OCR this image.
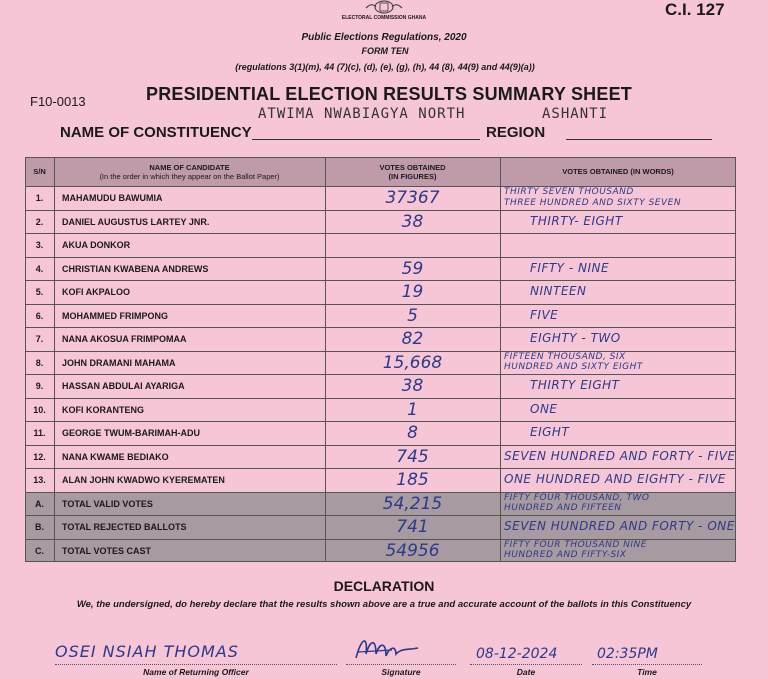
ELECTORAL COMMISSION GHANA	C.I. 127
Public Elections Regulations, 2020
FORM TEN
(regulations 3(1)(m), 44 (7)(c), (d), (e), (g), (h), 44 (8), 44(9) and 44(9)(a))
F10-0013	PRESIDENTIAL ELECTION RESULTS SUMMARY SHEET
ATWIMA NWABIAGYA NORTH	ASHANTI
NAME OF CONSTITUENCY	REGION
S/N	NAME OF CANDIDATE
(In the order in which they appear on the Ballot Paper)
VOTES OBTAINED
(IN FIGURES)
VOTES OBTAINED (IN WORDS)
1.	MAHAMUDU BAWUMIA	37367	THIRTY SEVEN THOUSAND
THREE HUNDRED AND SIXTY SEVEN
2.	DANIEL AUGUSTUS LARTEY JNR.	38	THIRTY- EIGHT
3.	AKUA DONKOR
4.	CHRISTIAN KWABENA ANDREWS	59	FIFTY - NINE
5.	KOFI AKPALOO	19	NINTEEN
6.	MOHAMMED FRIMPONG	5	FIVE
7.	NANA AKOSUA FRIMPOMAA	82	EIGHTY - TWO
8.	JOHN DRAMANI MAHAMA	15,668	FIFTEEN THOUSAND, SIX
HUNDRED AND SIXTY EIGHT
9.	HASSAN ABDULAI AYARIGA	38	THIRTY EIGHT
10.	KOFI KORANTENG	1	ONE
11.	GEORGE TWUM-BARIMAH-ADU	8	EIGHT
12.	NANA KWAME BEDIAKO	745	SEVEN HUNDRED AND FORTY - FIVE
13.	ALAN JOHN KWADWO KYEREMATEN	185	ONE HUNDRED AND EIGHTY - FIVE
A.	TOTAL VALID VOTES	54,215	FIFTY FOUR THOUSAND, TWO
HUNDRED AND FIFTEEN
B.	TOTAL REJECTED BALLOTS	741	SEVEN HUNDRED AND FORTY - ONE
C.	TOTAL VOTES CAST	54956	FIFTY FOUR THOUSAND NINE
HUNDRED AND FIFTY-SIX
DECLARATION
We, the undersigned, do hereby declare that the results shown above are a true and accurate account of the ballots in this Constituency
OSEI NSIAH THOMAS
Name of Returning Officer	Signature
08-12-2024
Date
02:35PM
Time
